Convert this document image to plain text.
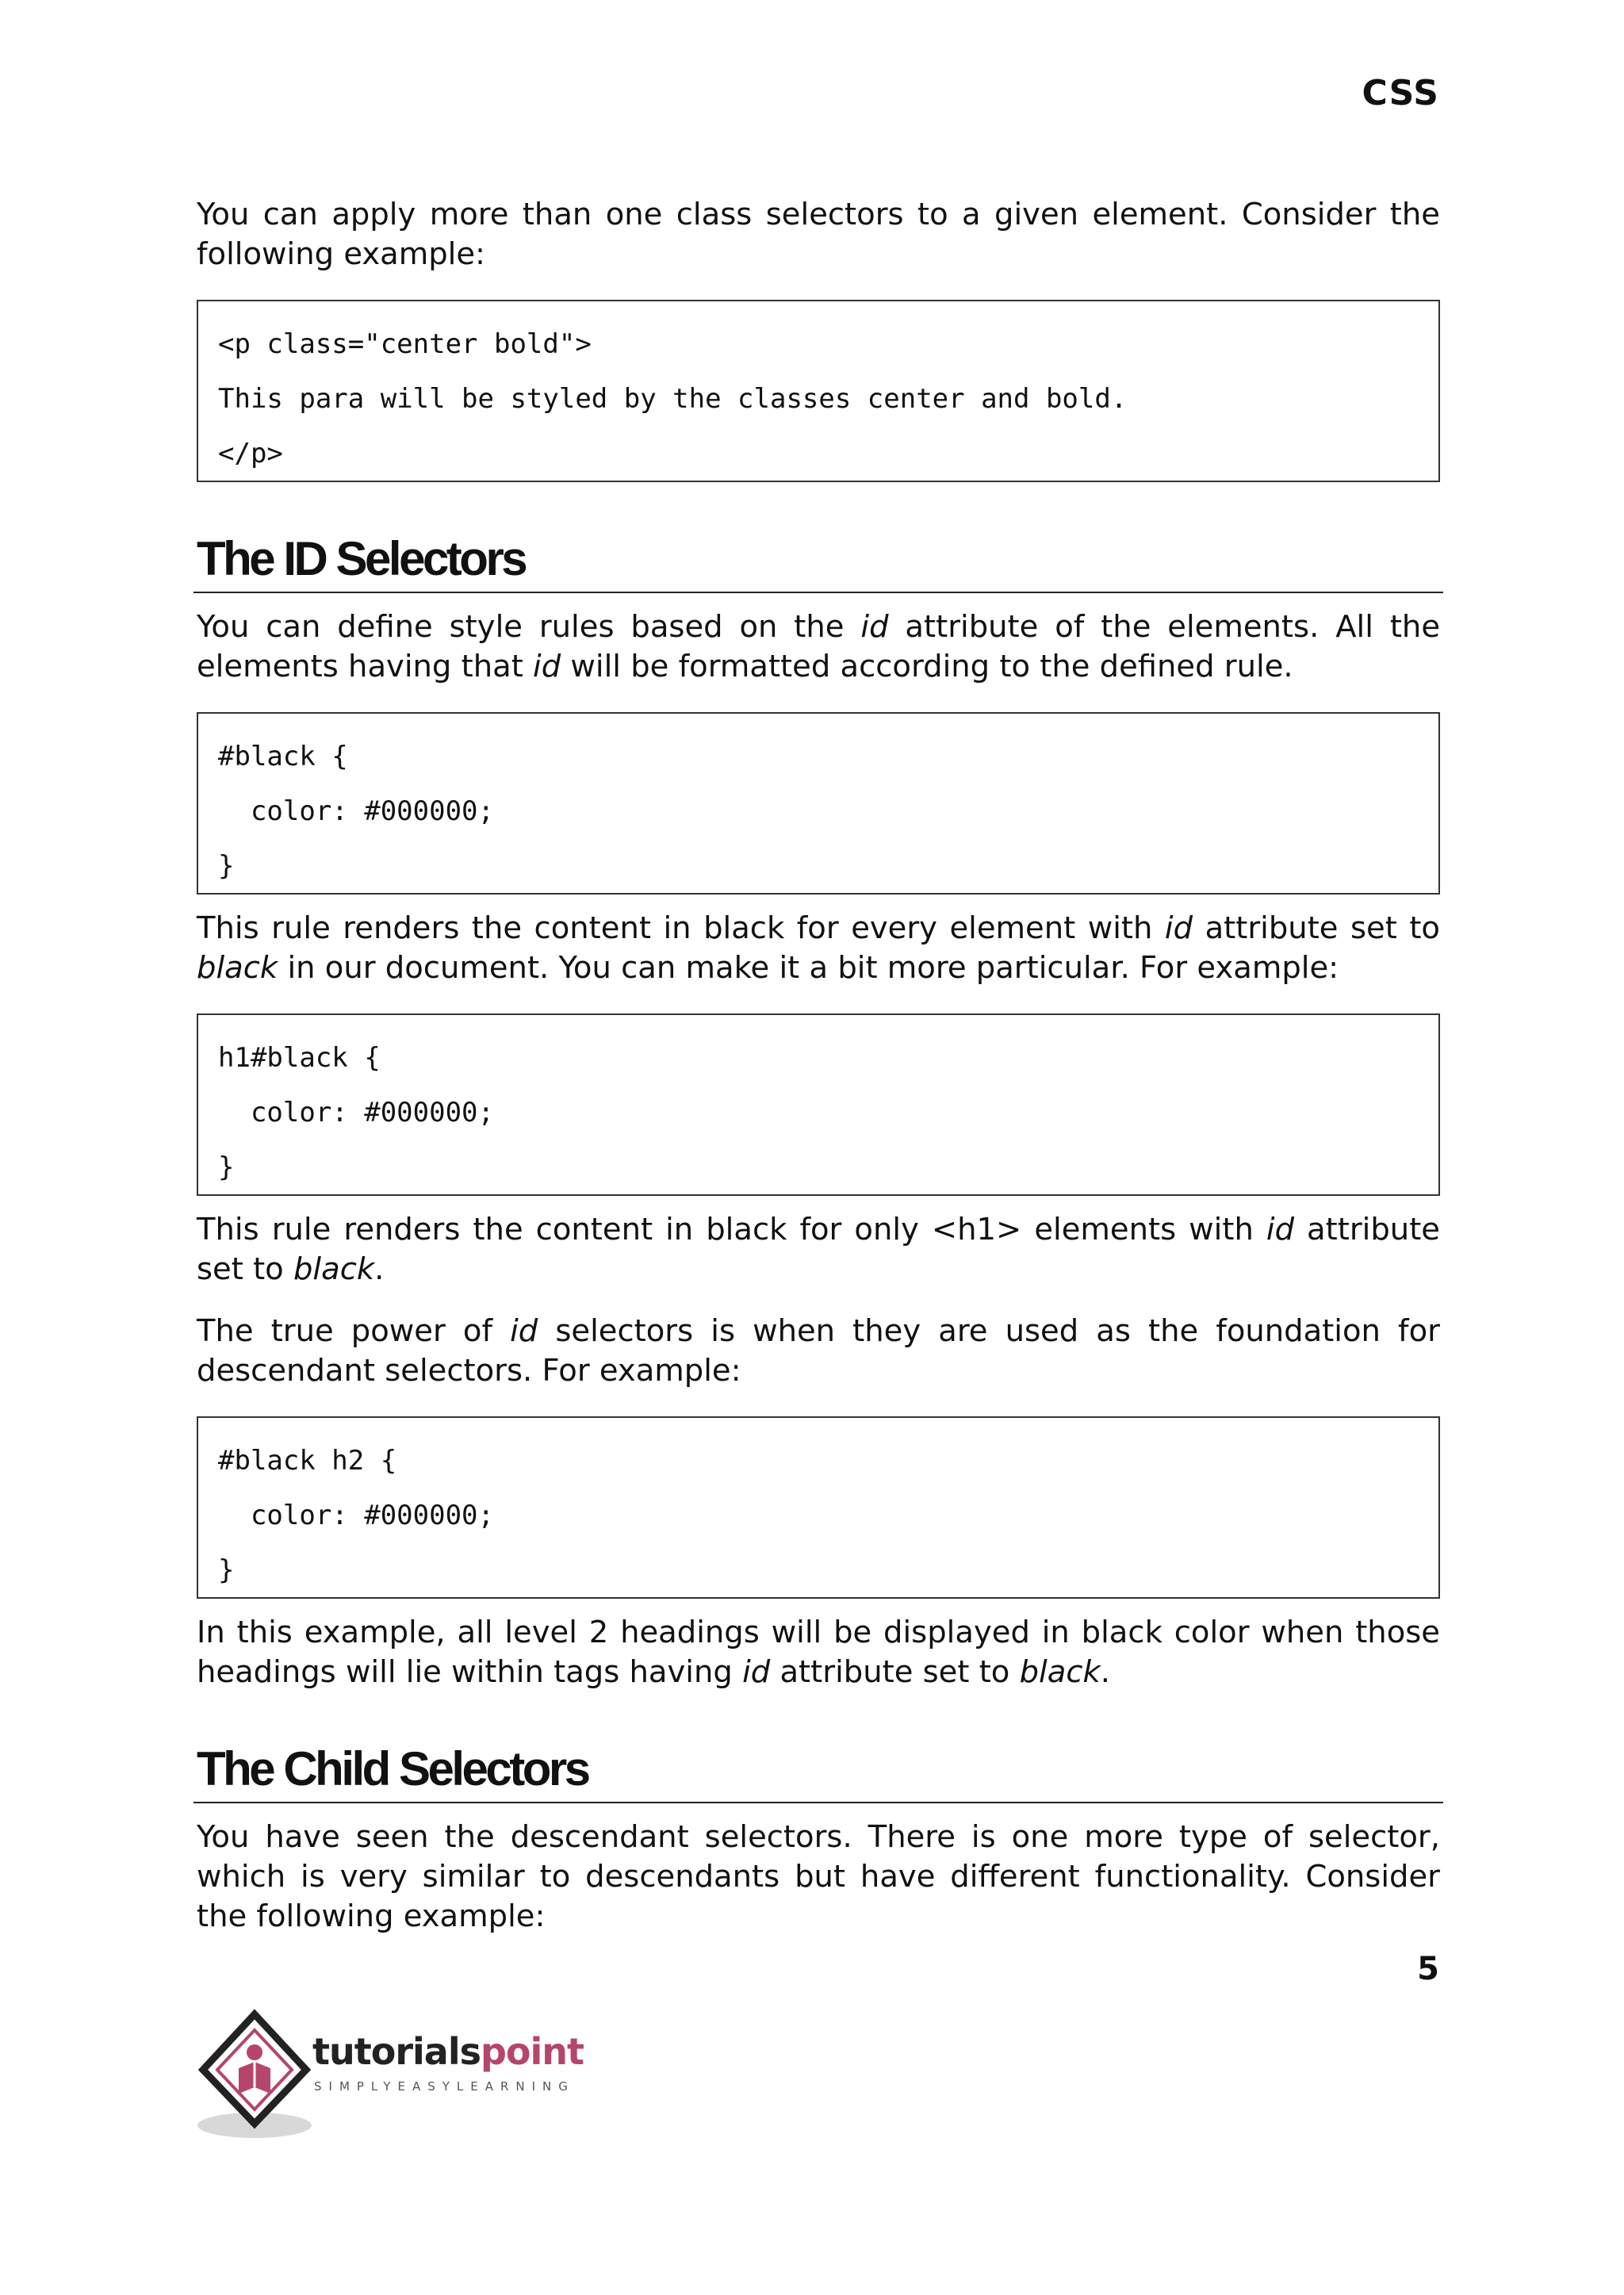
CSS

You can apply more than one class selectors to a given element. Consider the following example:

<p class="center bold">
This para will be styled by the classes center and bold.
</p>
The ID Selectors

You can define style rules based on the id attribute of the elements. All the elements having that id will be formatted according to the defined rule.

#black {
color: #000000;
}

This rule renders the content in black for every element with id attribute set to black in our document. You can make it a bit more particular. For example:

h1#black {
color: #000000;
}

This rule renders the content in black for only <h1> elements with id attribute set to black.

The true power of id selectors is when they are used as the foundation for descendant selectors. For example:

#black h2 {
color: #000000;
}

In this example, all level 2 headings will be displayed in black color when those headings will lie within tags having id attribute set to black.

The Child Selectors

You have seen the descendant selectors. There is one more type of selector, which is very similar to descendants but have different functionality. Consider the following example:

5
tutorialspoint
SIMPLYEASYLEARNING
